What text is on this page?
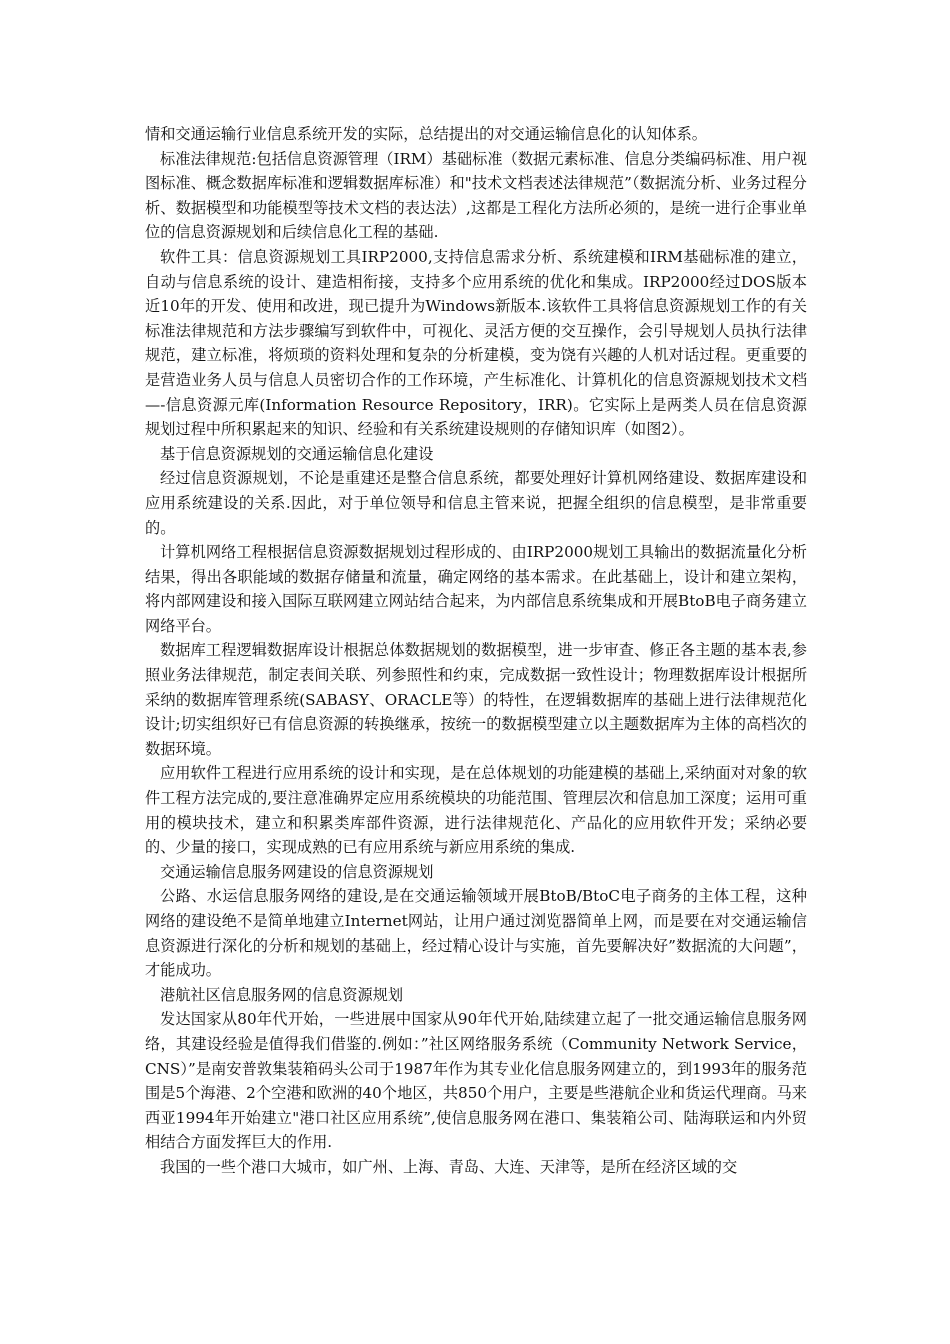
情和交通运输行业信息系统开发的实际，总结提出的对交通运输信息化的认知体系。

标准法律规范:包括信息资源管理（IRM）基础标准（数据元素标准、信息分类编码标准、用户视图标准、概念数据库标准和逻辑数据库标准）和"技术文档表述法律规范”（数据流分析、业务过程分析、数据模型和功能模型等技术文档的表达法）,这都是工程化方法所必须的，是统一进行企事业单位的信息资源规划和后续信息化工程的基础.

软件工具：信息资源规划工具IRP2000,支持信息需求分析、系统建模和IRM基础标准的建立，自动与信息系统的设计、建造相衔接，支持多个应用系统的优化和集成。IRP2000经过DOS版本近10年的开发、使用和改进，现已提升为Windows新版本.该软件工具将信息资源规划工作的有关标准法律规范和方法步骤编写到软件中，可视化、灵活方便的交互操作，会引导规划人员执行法律规范，建立标准，将烦琐的资料处理和复杂的分析建模，变为饶有兴趣的人机对话过程。更重要的是营造业务人员与信息人员密切合作的工作环境，产生标准化、计算机化的信息资源规划技术文档—-信息资源元库(Information Resource Repository，IRR)。它实际上是两类人员在信息资源规划过程中所积累起来的知识、经验和有关系统建设规则的存储知识库（如图2）。

基于信息资源规划的交通运输信息化建设

经过信息资源规划，不论是重建还是整合信息系统，都要处理好计算机网络建设、数据库建设和应用系统建设的关系.因此，对于单位领导和信息主管来说，把握全组织的信息模型，是非常重要的。

计算机网络工程根据信息资源数据规划过程形成的、由IRP2000规划工具输出的数据流量化分析结果，得出各职能域的数据存储量和流量，确定网络的基本需求。在此基础上，设计和建立架构，将内部网建设和接入国际互联网建立网站结合起来，为内部信息系统集成和开展BtoB电子商务建立网络平台。

数据库工程逻辑数据库设计根据总体数据规划的数据模型，进一步审查、修正各主题的基本表,参照业务法律规范，制定表间关联、列参照性和约束，完成数据一致性设计；物理数据库设计根据所采纳的数据库管理系统(SABASY、ORACLE等）的特性，在逻辑数据库的基础上进行法律规范化设计;切实组织好已有信息资源的转换继承，按统一的数据模型建立以主题数据库为主体的高档次的数据环境。

应用软件工程进行应用系统的设计和实现，是在总体规划的功能建模的基础上,采纳面对对象的软件工程方法完成的,要注意准确界定应用系统模块的功能范围、管理层次和信息加工深度；运用可重用的模块技术，建立和积累类库部件资源，进行法律规范化、产品化的应用软件开发；采纳必要的、少量的接口，实现成熟的已有应用系统与新应用系统的集成.

交通运输信息服务网建设的信息资源规划

公路、水运信息服务网络的建设,是在交通运输领域开展BtoB/BtoC电子商务的主体工程，这种网络的建设绝不是简单地建立Internet网站，让用户通过浏览器简单上网，而是要在对交通运输信息资源进行深化的分析和规划的基础上，经过精心设计与实施，首先要解决好”数据流的大问题”，才能成功。

港航社区信息服务网的信息资源规划

发达国家从80年代开始，一些进展中国家从90年代开始,陆续建立起了一批交通运输信息服务网络，其建设经验是值得我们借鉴的.例如：”社区网络服务系统（Community Network Service，CNS）”是南安普敦集装箱码头公司于1987年作为其专业化信息服务网建立的，到1993年的服务范围是5个海港、2个空港和欧洲的40个地区，共850个用户，主要是些港航企业和货运代理商。马来西亚1994年开始建立"港口社区应用系统”,使信息服务网在港口、集装箱公司、陆海联运和内外贸相结合方面发挥巨大的作用.

我国的一些个港口大城市，如广州、上海、青岛、大连、天津等，是所在经济区域的交
